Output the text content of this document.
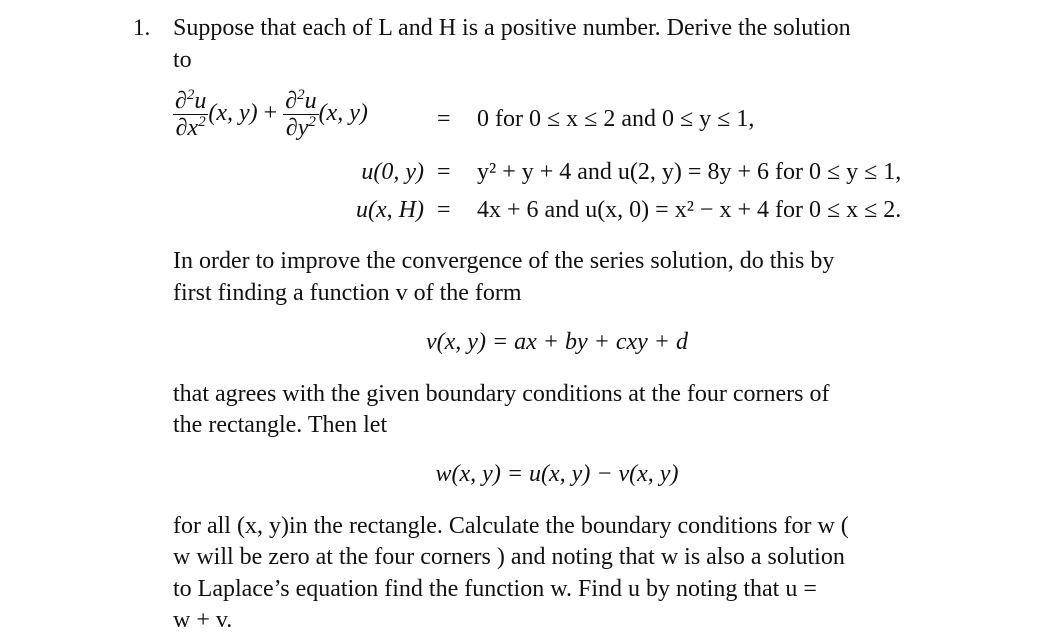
1. Suppose that each of L and H is a positive number. Derive the solution
to
$\frac{\partial^2u}{\partial x^2} (x$, $y) + \frac{\partial^2u}{\partial y^2} (x$, y)	= 0 for 0 ≤ x ≤ 2 and 0 ≤ y ≤ 1,
u(0, y) = y² + y + 4 and u(2, y) = 8y + 6 for 0 ≤ y ≤ 1,
u(x, H) = 4x + 6 and u(x, 0) = x² − x + 4 for 0 ≤ x ≤ 2.
In order to improve the convergence of the series solution, do this by
first finding a function v of the form
v(x, y) = ax + by + cxy + d
that agrees with the given boundary conditions at the four corners of
the rectangle. Then let
w(x, y) = u(x, y) − v(x, y)
for all (x, y)in the rectangle. Calculate the boundary conditions for w (
w will be zero at the four corners ) and noting that w is also a solution
to Laplace’s equation find the function w. Find u by noting that u =
w + v.
